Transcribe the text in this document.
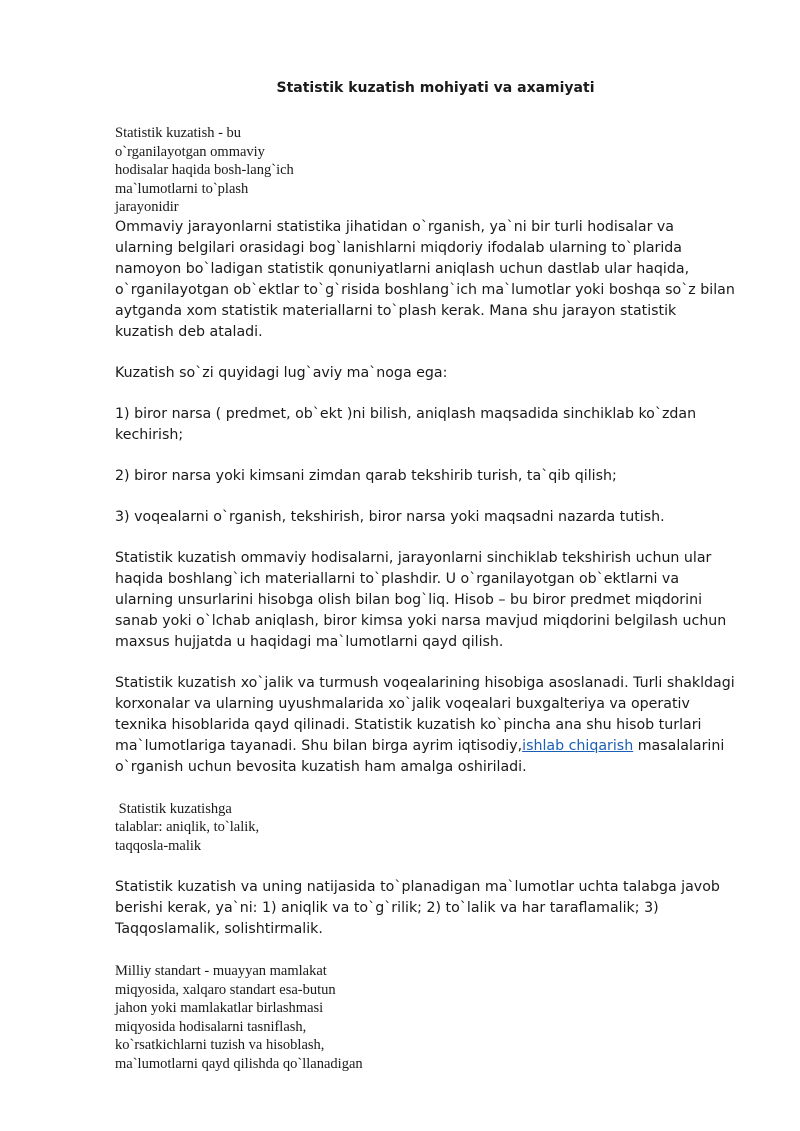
Statistik kuzatish mohiyati va axamiyati
Statistik kuzatish - bu
o`rganilayotgan ommaviy
hodisalar haqida bosh-lang`ich
ma`lumotlarni to`plash
jarayonidir

Ommaviy jarayonlarni statistika jihatidan o`rganish, ya`ni bir turli hodisalar va ularning belgilari orasidagi bog`lanishlarni miqdoriy ifodalab ularning to`plarida namoyon bo`ladigan statistik qonuniyatlarni aniqlash uchun dastlab ular haqida, o`rganilayotgan ob`ektlar to`g`risida boshlang`ich ma`lumotlar yoki boshqa so`z bilan aytganda xom statistik materiallarni to`plash kerak. Mana shu jarayon statistik kuzatish deb ataladi.

Kuzatish so`zi quyidagi lug`aviy ma`noga ega:

1) biror narsa ( predmet, ob`ekt )ni bilish, aniqlash maqsadida sinchiklab ko`zdan kechirish;

2) biror narsa yoki kimsani zimdan qarab tekshirib turish, ta`qib qilish;

3) voqealarni o`rganish, tekshirish, biror narsa yoki maqsadni nazarda tutish.

Statistik kuzatish ommaviy hodisalarni, jarayonlarni sinchiklab tekshirish uchun ular haqida boshlang`ich materiallarni to`plashdir. U o`rganilayotgan ob`ektlarni va ularning unsurlarini hisobga olish bilan bog`liq. Hisob – bu biror predmet miqdorini sanab yoki o`lchab aniqlash, biror kimsa yoki narsa mavjud miqdorini belgilash uchun maxsus hujjatda u haqidagi ma`lumotlarni qayd qilish.

Statistik kuzatish xo`jalik va turmush voqealarining hisobiga asoslanadi. Turli shakldagi korxonalar va ularning uyushmalarida xo`jalik voqealari buxgalteriya va operativ texnika hisoblarida qayd qilinadi. Statistik kuzatish ko`pincha ana shu hisob turlari ma`lumotlariga tayanadi. Shu bilan birga ayrim iqtisodiy,ishlab chiqarish masalalarini o`rganish uchun bevosita kuzatish ham amalga oshiriladi.

Statistik kuzatishga
talablar: aniqlik, to`lalik,
taqqosla-malik

Statistik kuzatish va uning natijasida to`planadigan ma`lumotlar uchta talabga javob berishi kerak, ya`ni: 1) aniqlik va to`g`rilik; 2) to`lalik va har taraflamalik; 3) Taqqoslamalik, solishtirmalik.

Milliy standart - muayyan mamlakat
miqyosida, xalqaro standart esa-butun
jahon yoki mamlakatlar birlashmasi
miqyosida hodisalarni tasniflash,
ko`rsatkichlarni tuzish va hisoblash,
ma`lumotlarni qayd qilishda qo`llanadigan
